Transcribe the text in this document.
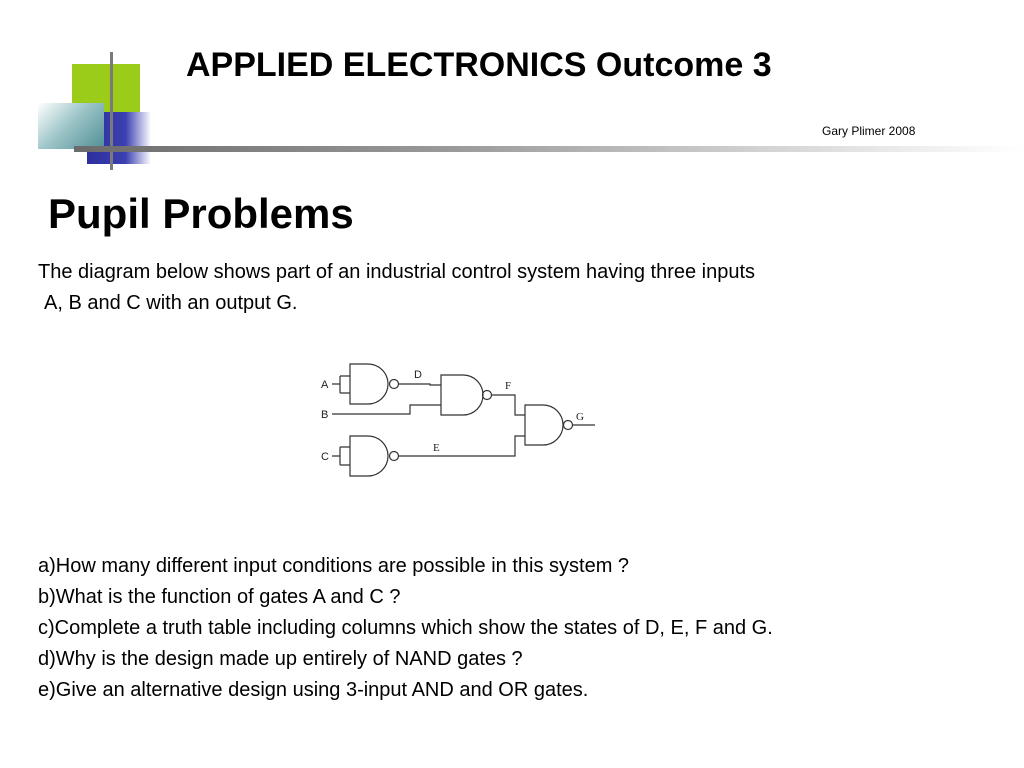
APPLIED ELECTRONICS Outcome 3
Gary Plimer 2008
Pupil Problems
The diagram below shows part of an industrial control system having three inputs
A, B and C with an output G.
A
B
C
D
F
E
G
a)How many different input conditions are possible in this system ?
b)What is the function of gates A and C ?
c)Complete a truth table including columns which show the states of D, E, F and G.
d)Why is the design made up entirely of NAND gates ?
e)Give an alternative design using 3-input AND and OR gates.
